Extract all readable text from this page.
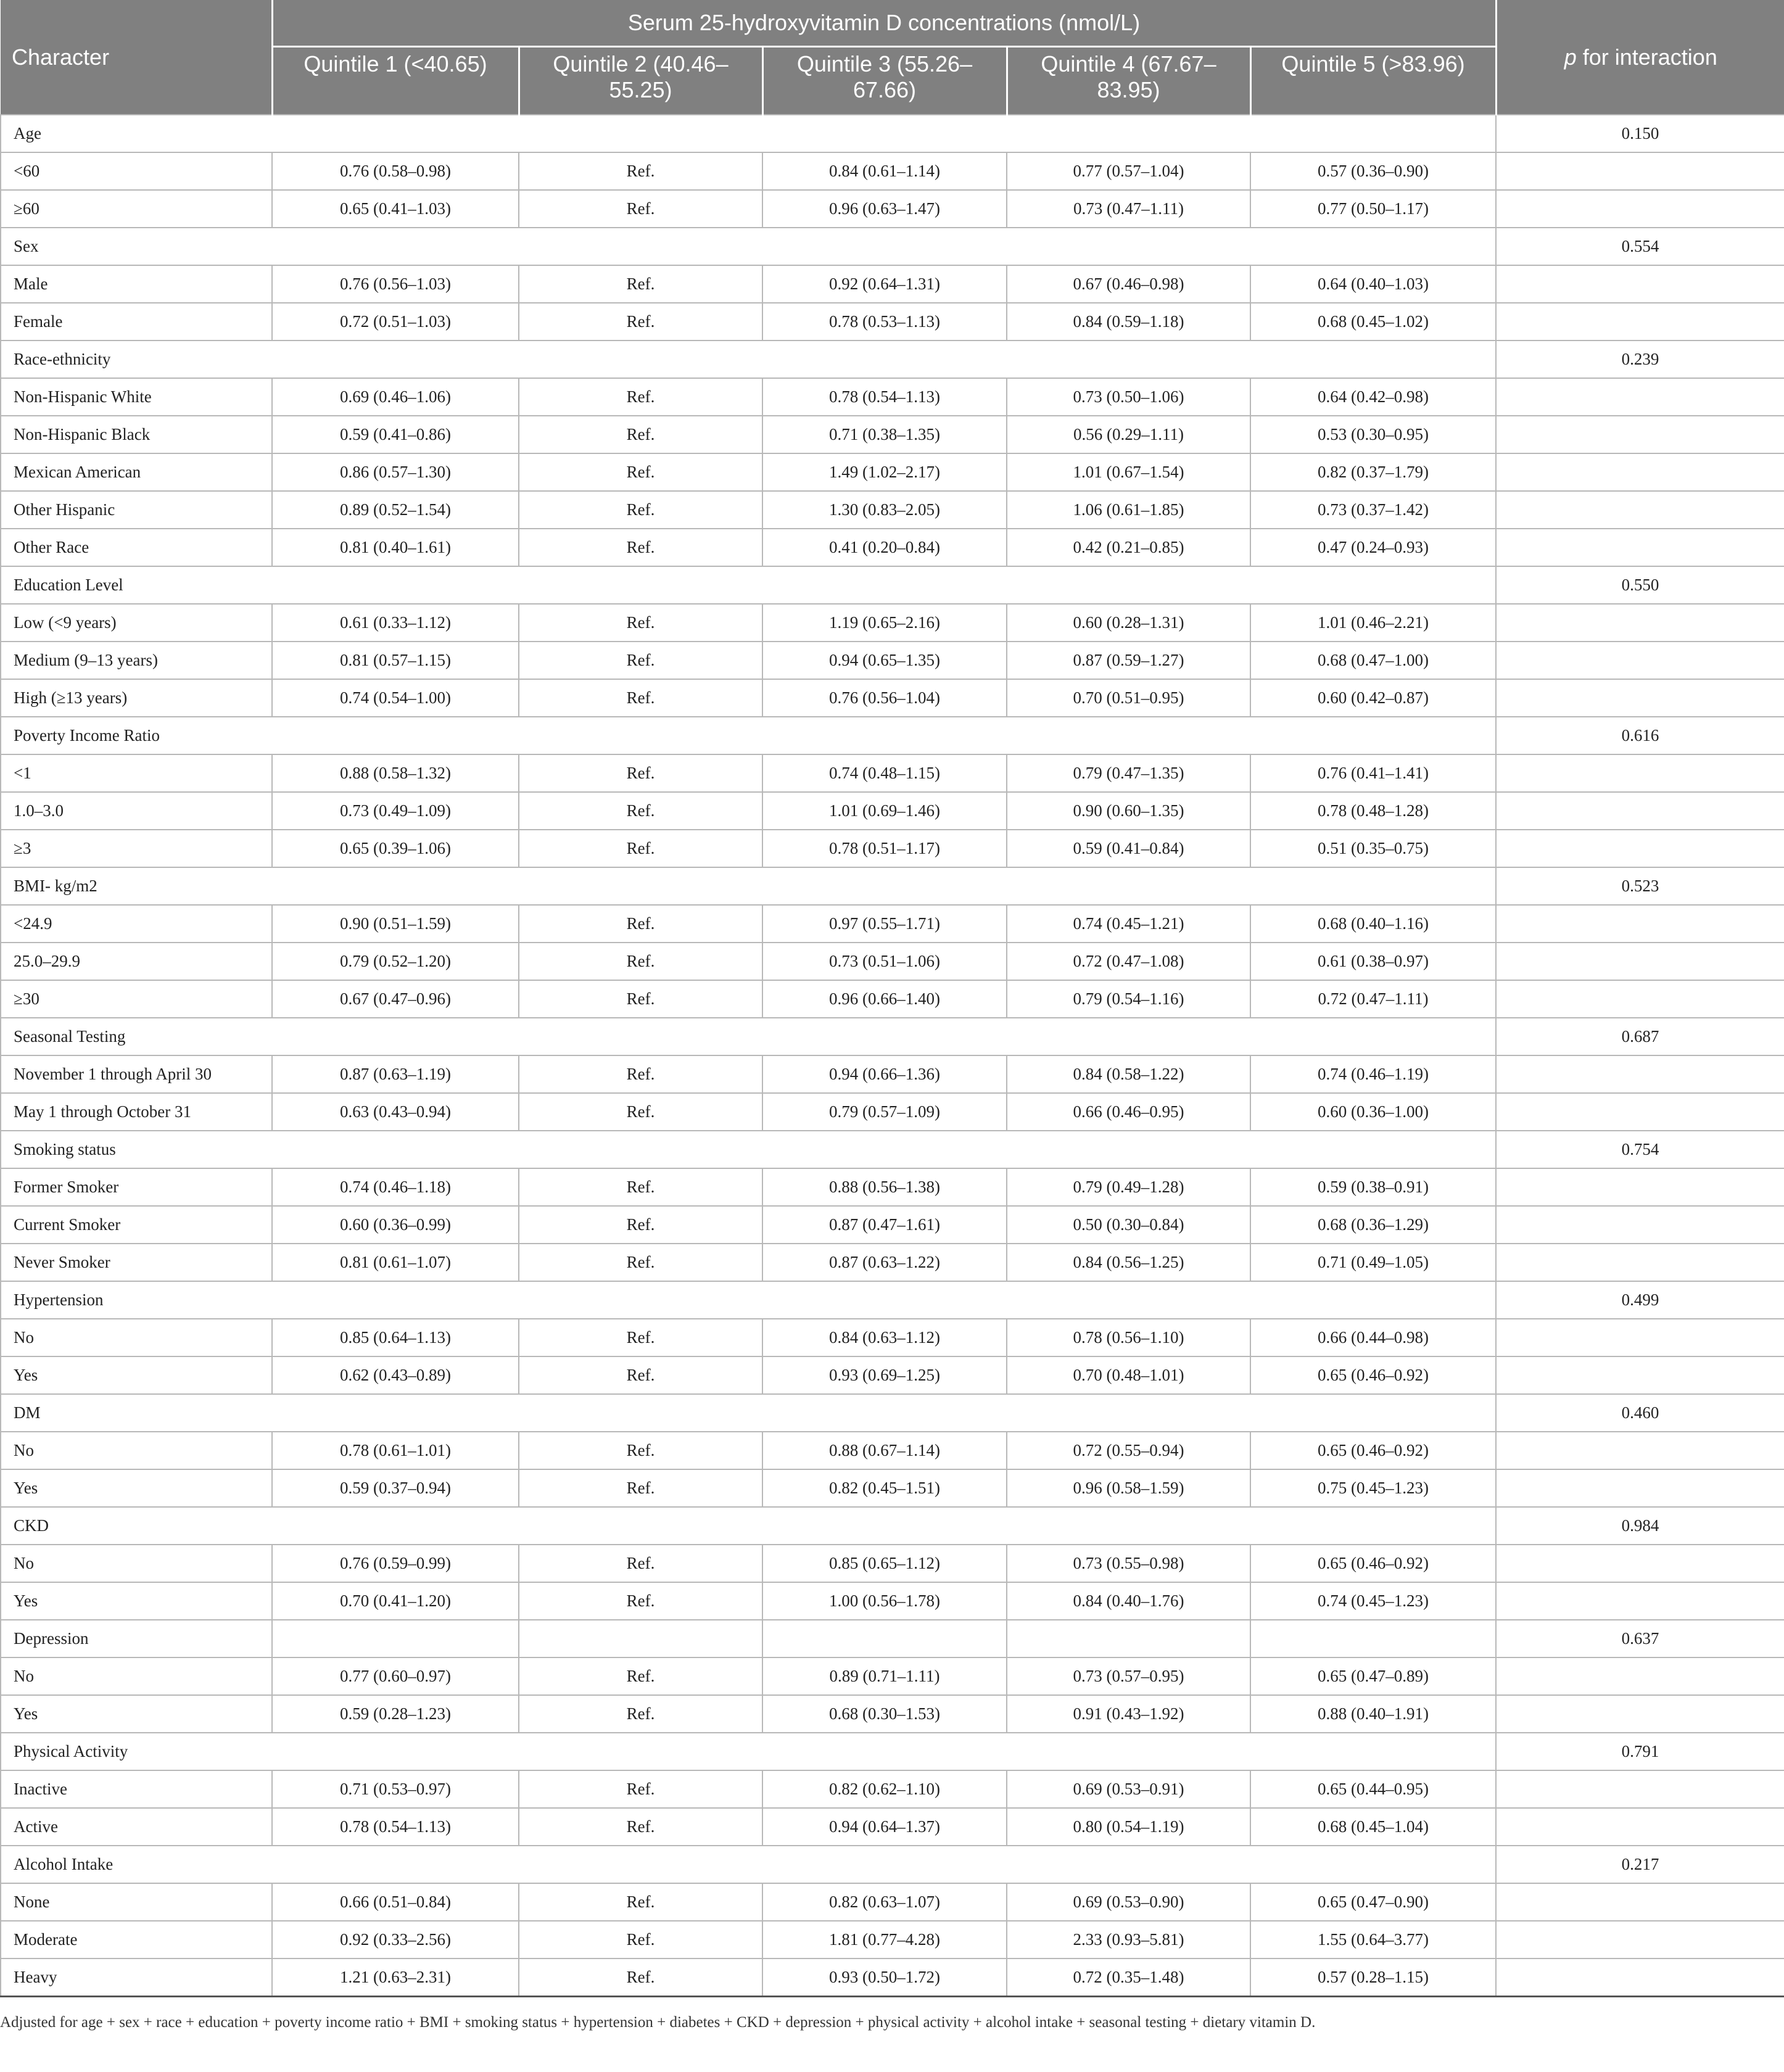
Character	Serum 25-hydroxyvitamin D concentrations (nmol/L)					p for interaction
	Quintile 1 (<40.65)	Quintile 2 (40.46–55.25)	Quintile 3 (55.26–67.66)	Quintile 4 (67.67–83.95)	Quintile 5 (>83.96)	
Age						0.150
<60	0.76 (0.58–0.98)	Ref.	0.84 (0.61–1.14)	0.77 (0.57–1.04)	0.57 (0.36–0.90)	
≥60	0.65 (0.41–1.03)	Ref.	0.96 (0.63–1.47)	0.73 (0.47–1.11)	0.77 (0.50–1.17)	
Sex						0.554
Male	0.76 (0.56–1.03)	Ref.	0.92 (0.64–1.31)	0.67 (0.46–0.98)	0.64 (0.40–1.03)	
Female	0.72 (0.51–1.03)	Ref.	0.78 (0.53–1.13)	0.84 (0.59–1.18)	0.68 (0.45–1.02)	
Race-ethnicity						0.239
Non-Hispanic White	0.69 (0.46–1.06)	Ref.	0.78 (0.54–1.13)	0.73 (0.50–1.06)	0.64 (0.42–0.98)	
Non-Hispanic Black	0.59 (0.41–0.86)	Ref.	0.71 (0.38–1.35)	0.56 (0.29–1.11)	0.53 (0.30–0.95)	
Mexican American	0.86 (0.57–1.30)	Ref.	1.49 (1.02–2.17)	1.01 (0.67–1.54)	0.82 (0.37–1.79)	
Other Hispanic	0.89 (0.52–1.54)	Ref.	1.30 (0.83–2.05)	1.06 (0.61–1.85)	0.73 (0.37–1.42)	
Other Race	0.81 (0.40–1.61)	Ref.	0.41 (0.20–0.84)	0.42 (0.21–0.85)	0.47 (0.24–0.93)	
Education Level						0.550
Low (<9 years)	0.61 (0.33–1.12)	Ref.	1.19 (0.65–2.16)	0.60 (0.28–1.31)	1.01 (0.46–2.21)	
Medium (9–13 years)	0.81 (0.57–1.15)	Ref.	0.94 (0.65–1.35)	0.87 (0.59–1.27)	0.68 (0.47–1.00)	
High (≥13 years)	0.74 (0.54–1.00)	Ref.	0.76 (0.56–1.04)	0.70 (0.51–0.95)	0.60 (0.42–0.87)	
Poverty Income Ratio						0.616
<1	0.88 (0.58–1.32)	Ref.	0.74 (0.48–1.15)	0.79 (0.47–1.35)	0.76 (0.41–1.41)	
1.0–3.0	0.73 (0.49–1.09)	Ref.	1.01 (0.69–1.46)	0.90 (0.60–1.35)	0.78 (0.48–1.28)	
≥3	0.65 (0.39–1.06)	Ref.	0.78 (0.51–1.17)	0.59 (0.41–0.84)	0.51 (0.35–0.75)	
BMI- kg/m2						0.523
<24.9	0.90 (0.51–1.59)	Ref.	0.97 (0.55–1.71)	0.74 (0.45–1.21)	0.68 (0.40–1.16)	
25.0–29.9	0.79 (0.52–1.20)	Ref.	0.73 (0.51–1.06)	0.72 (0.47–1.08)	0.61 (0.38–0.97)	
≥30	0.67 (0.47–0.96)	Ref.	0.96 (0.66–1.40)	0.79 (0.54–1.16)	0.72 (0.47–1.11)	
Seasonal Testing						0.687
November 1 through April 30	0.87 (0.63–1.19)	Ref.	0.94 (0.66–1.36)	0.84 (0.58–1.22)	0.74 (0.46–1.19)	
May 1 through October 31	0.63 (0.43–0.94)	Ref.	0.79 (0.57–1.09)	0.66 (0.46–0.95)	0.60 (0.36–1.00)	
Smoking status						0.754
Former Smoker	0.74 (0.46–1.18)	Ref.	0.88 (0.56–1.38)	0.79 (0.49–1.28)	0.59 (0.38–0.91)	
Current Smoker	0.60 (0.36–0.99)	Ref.	0.87 (0.47–1.61)	0.50 (0.30–0.84)	0.68 (0.36–1.29)	
Never Smoker	0.81 (0.61–1.07)	Ref.	0.87 (0.63–1.22)	0.84 (0.56–1.25)	0.71 (0.49–1.05)	
Hypertension						0.499
No	0.85 (0.64–1.13)	Ref.	0.84 (0.63–1.12)	0.78 (0.56–1.10)	0.66 (0.44–0.98)	
Yes	0.62 (0.43–0.89)	Ref.	0.93 (0.69–1.25)	0.70 (0.48–1.01)	0.65 (0.46–0.92)	
DM						0.460
No	0.78 (0.61–1.01)	Ref.	0.88 (0.67–1.14)	0.72 (0.55–0.94)	0.65 (0.46–0.92)	
Yes	0.59 (0.37–0.94)	Ref.	0.82 (0.45–1.51)	0.96 (0.58–1.59)	0.75 (0.45–1.23)	
CKD						0.984
No	0.76 (0.59–0.99)	Ref.	0.85 (0.65–1.12)	0.73 (0.55–0.98)	0.65 (0.46–0.92)	
Yes	0.70 (0.41–1.20)	Ref.	1.00 (0.56–1.78)	0.84 (0.40–1.76)	0.74 (0.45–1.23)	
Depression						0.637
No	0.77 (0.60–0.97)	Ref.	0.89 (0.71–1.11)	0.73 (0.57–0.95)	0.65 (0.47–0.89)	
Yes	0.59 (0.28–1.23)	Ref.	0.68 (0.30–1.53)	0.91 (0.43–1.92)	0.88 (0.40–1.91)	
Physical Activity						0.791
Inactive	0.71 (0.53–0.97)	Ref.	0.82 (0.62–1.10)	0.69 (0.53–0.91)	0.65 (0.44–0.95)	
Active	0.78 (0.54–1.13)	Ref.	0.94 (0.64–1.37)	0.80 (0.54–1.19)	0.68 (0.45–1.04)	
Alcohol Intake						0.217
None	0.66 (0.51–0.84)	Ref.	0.82 (0.63–1.07)	0.69 (0.53–0.90)	0.65 (0.47–0.90)	
Moderate	0.92 (0.33–2.56)	Ref.	1.81 (0.77–4.28)	2.33 (0.93–5.81)	1.55 (0.64–3.77)	
Heavy	1.21 (0.63–2.31)	Ref.	0.93 (0.50–1.72)	0.72 (0.35–1.48)	0.57 (0.28–1.15)	
Adjusted for age + sex + race + education + poverty income ratio + BMI + smoking status + hypertension + diabetes + CKD + depression + physical activity + alcohol intake + seasonal testing + dietary vitamin D.
